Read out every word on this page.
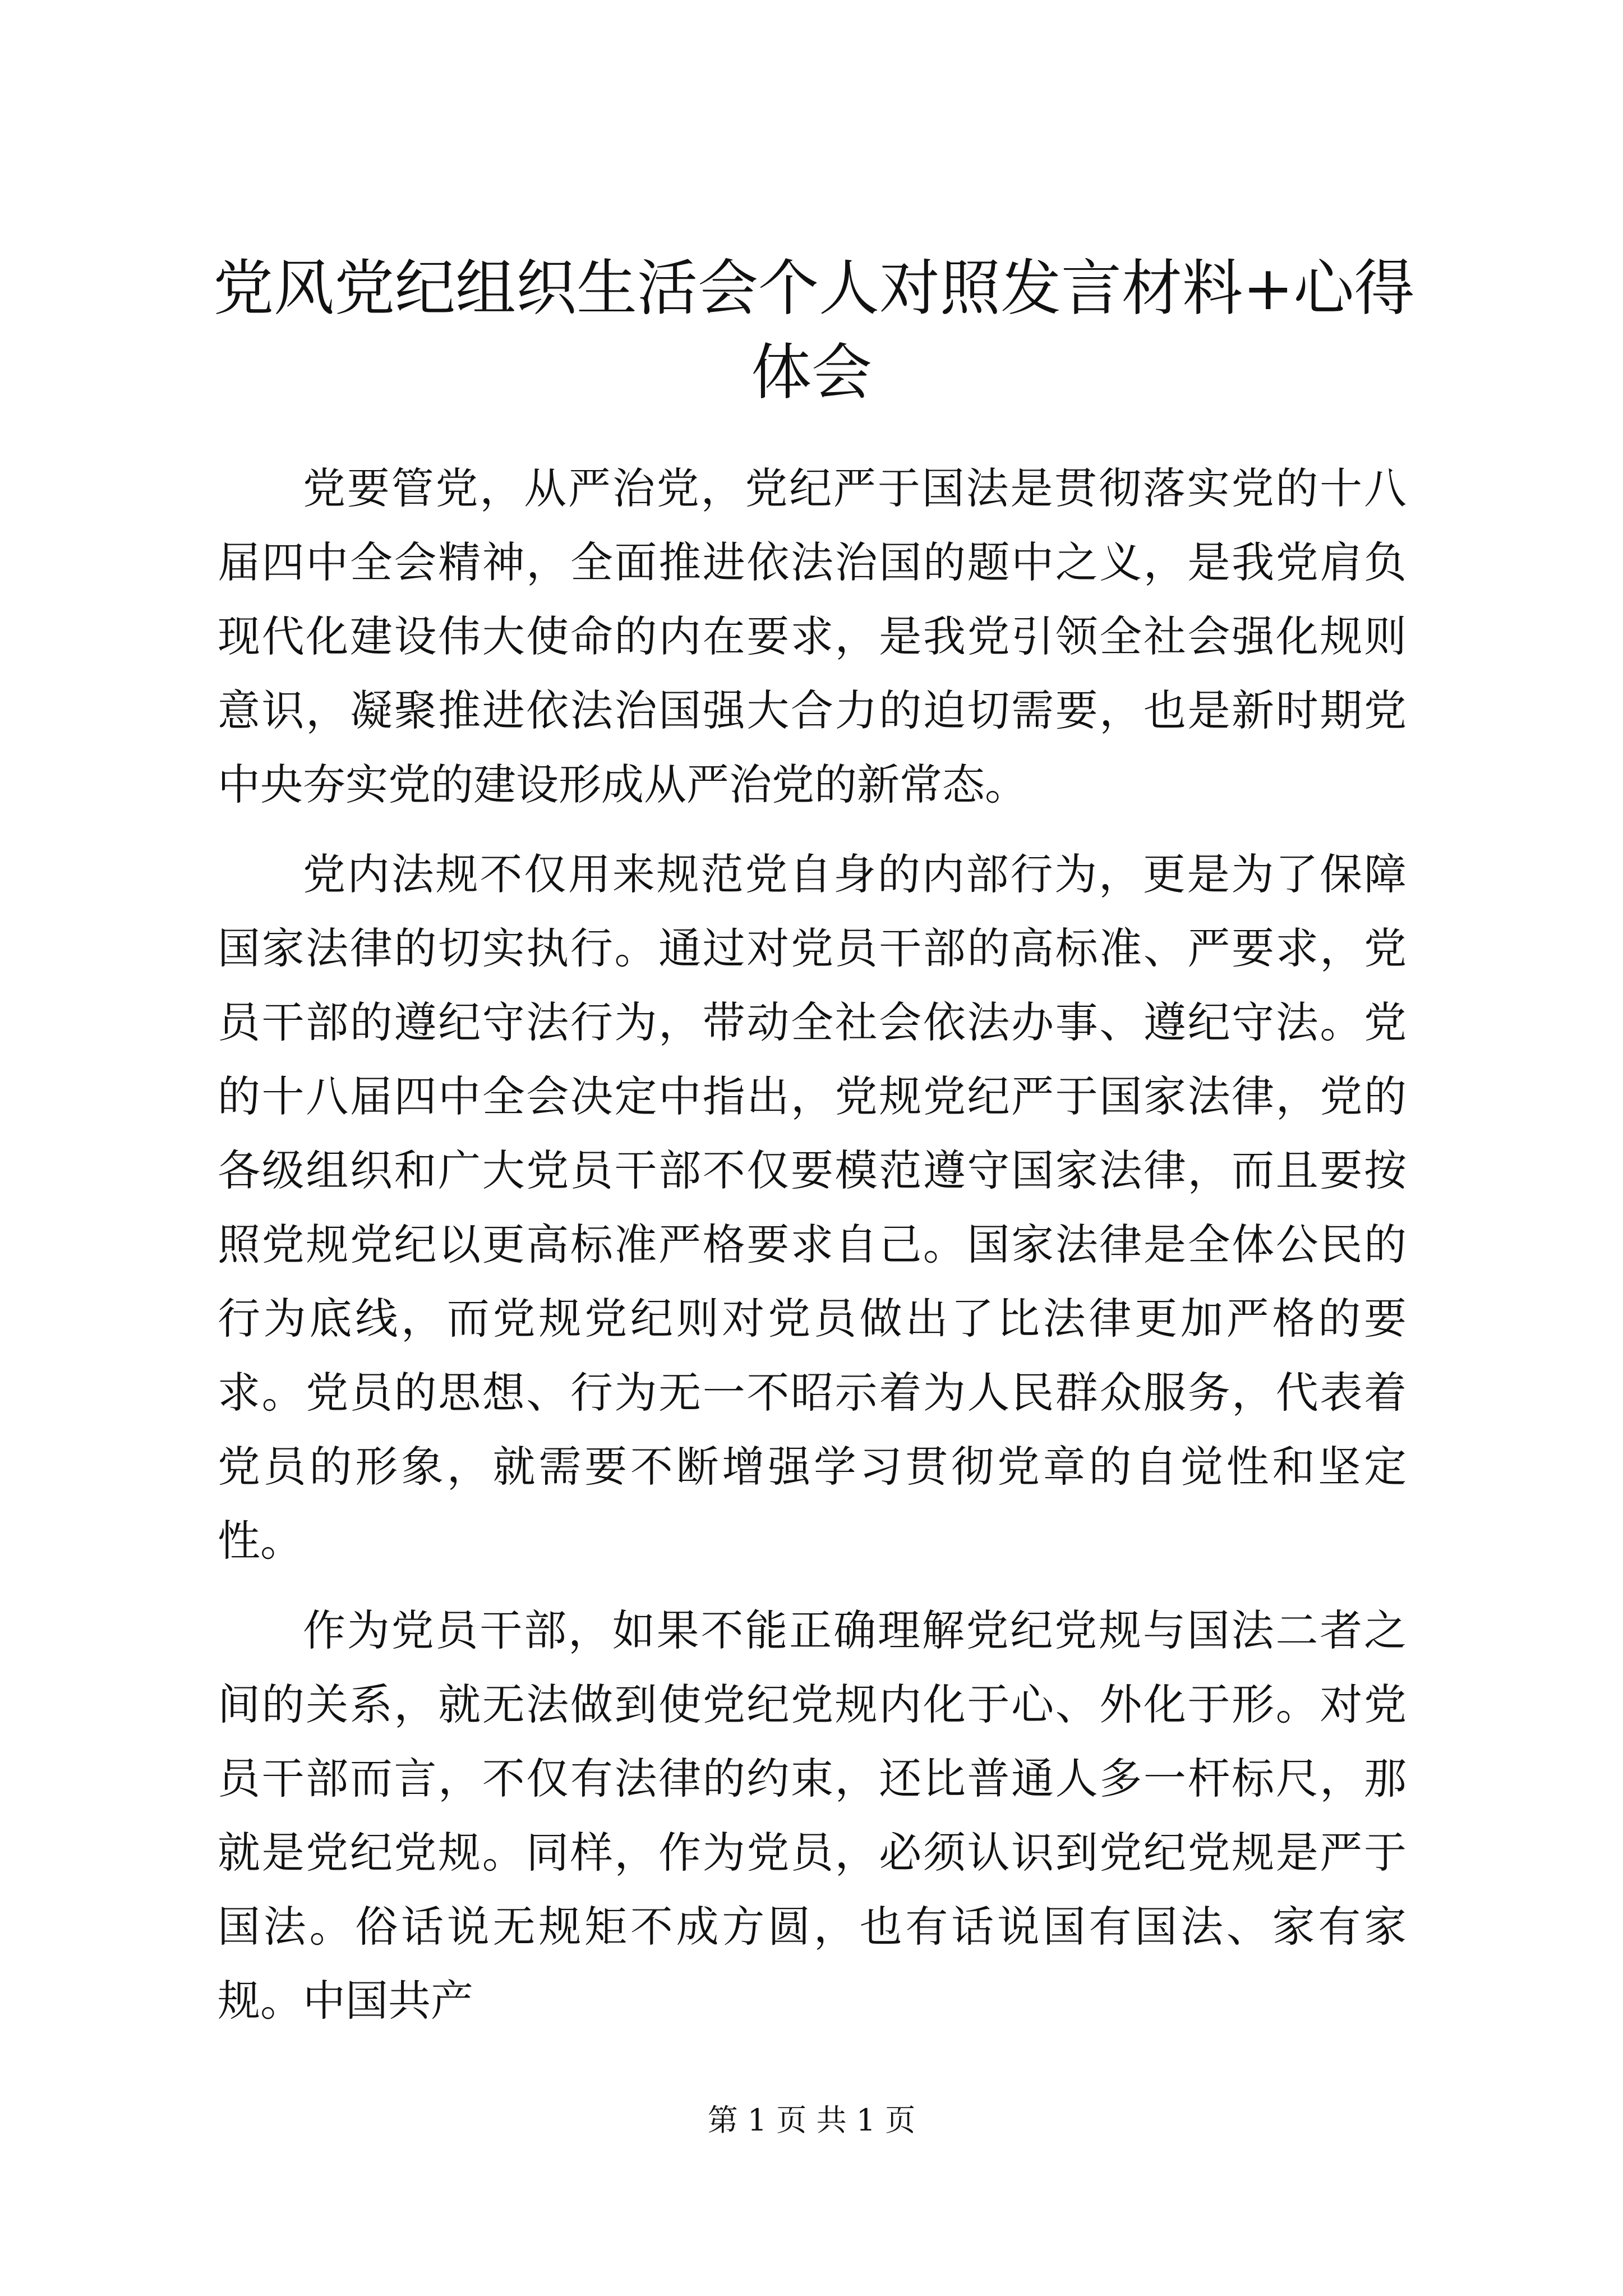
党风党纪组织生活会个人对照发言材料+心得
体会

党要管党，从严治党，党纪严于国法是贯彻落实党的十八届四中全会精神，全面推进依法治国的题中之义，是我党肩负现代化建设伟大使命的内在要求，是我党引领全社会强化规则意识，凝聚推进依法治国强大合力的迫切需要，也是新时期党中央夯实党的建设形成从严治党的新常态。

党内法规不仅用来规范党自身的内部行为，更是为了保障国家法律的切实执行。通过对党员干部的高标准、严要求，党员干部的遵纪守法行为，带动全社会依法办事、遵纪守法。党的十八届四中全会决定中指出，党规党纪严于国家法律，党的各级组织和广大党员干部不仅要模范遵守国家法律，而且要按照党规党纪以更高标准严格要求自己。国家法律是全体公民的行为底线，而党规党纪则对党员做出了比法律更加严格的要求。党员的思想、行为无一不昭示着为人民群众服务，代表着党员的形象，就需要不断增强学习贯彻党章的自觉性和坚定性。

作为党员干部，如果不能正确理解党纪党规与国法二者之间的关系，就无法做到使党纪党规内化于心、外化于形。对党员干部而言，不仅有法律的约束，还比普通人多一杆标尺，那就是党纪党规。同样，作为党员，必须认识到党纪党规是严于国法。俗话说无规矩不成方圆，也有话说国有国法、家有家规。中国共产

第 1 页 共 1 页
